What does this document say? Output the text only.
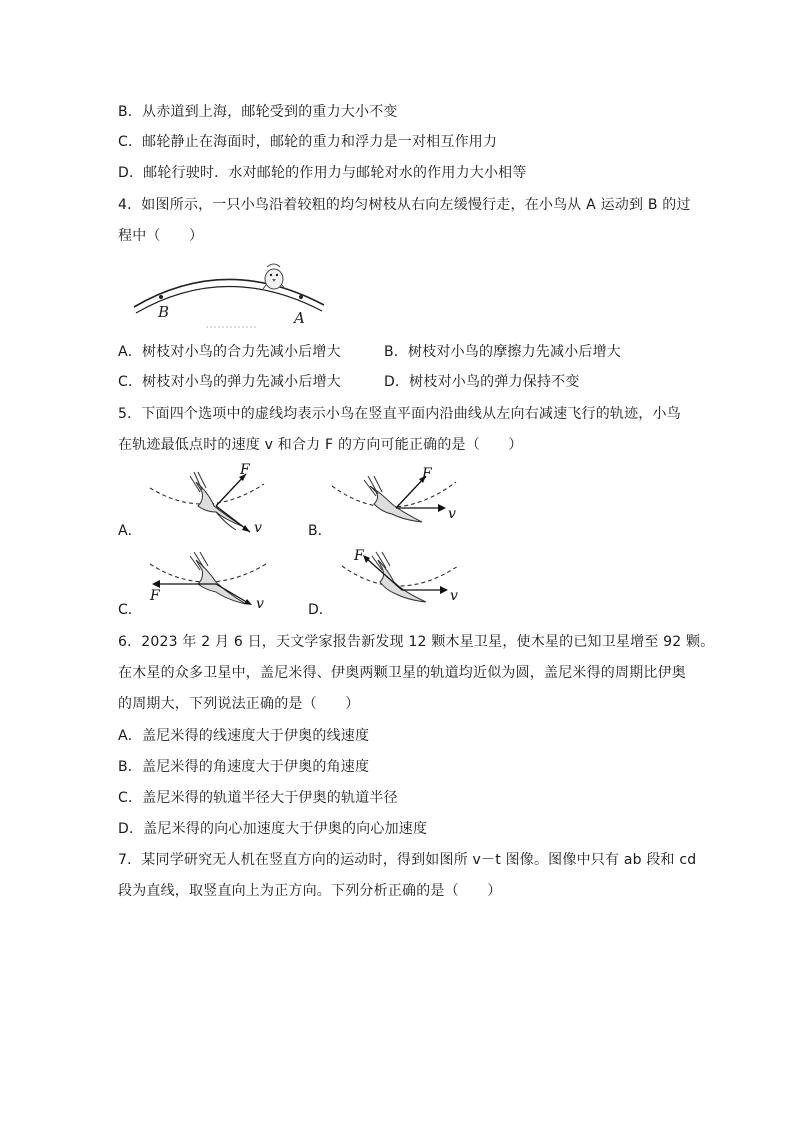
B．从赤道到上海，邮轮受到的重力大小不变
C．邮轮静止在海面时，邮轮的重力和浮力是一对相互作用力
D．邮轮行驶时．水对邮轮的作用力与邮轮对水的作用力大小相等
4．如图所示，一只小鸟沿着较粗的均匀树枝从右向左缓慢行走，在小鸟从 A 运动到 B 的过
程中（　　）
B	A
A．树枝对小鸟的合力先减小后增大	B．树枝对小鸟的摩擦力先减小后增大
C．树枝对小鸟的弹力先减小后增大	D．树枝对小鸟的弹力保持不变
5．下面四个选项中的虚线均表示小鸟在竖直平面内沿曲线从左向右减速飞行的轨迹，小鸟
在轨迹最低点时的速度 v 和合力 F 的方向可能正确的是（　　）
A．
F
v	B．
F
v
C．
F	v	D．
F
v
6．2023 年 2 月 6 日，天文学家报告新发现 12 颗木星卫星，使木星的已知卫星增至 92 颗。
在木星的众多卫星中，盖尼米得、伊奥两颗卫星的轨道均近似为圆，盖尼米得的周期比伊奥
的周期大，下列说法正确的是（　　）
A．盖尼米得的线速度大于伊奥的线速度
B．盖尼米得的角速度大于伊奥的角速度
C．盖尼米得的轨道半径大于伊奥的轨道半径
D．盖尼米得的向心加速度大于伊奥的向心加速度
7．某同学研究无人机在竖直方向的运动时，得到如图所 v－t 图像。图像中只有 ab 段和 cd
段为直线，取竖直向上为正方向。下列分析正确的是（　　）
